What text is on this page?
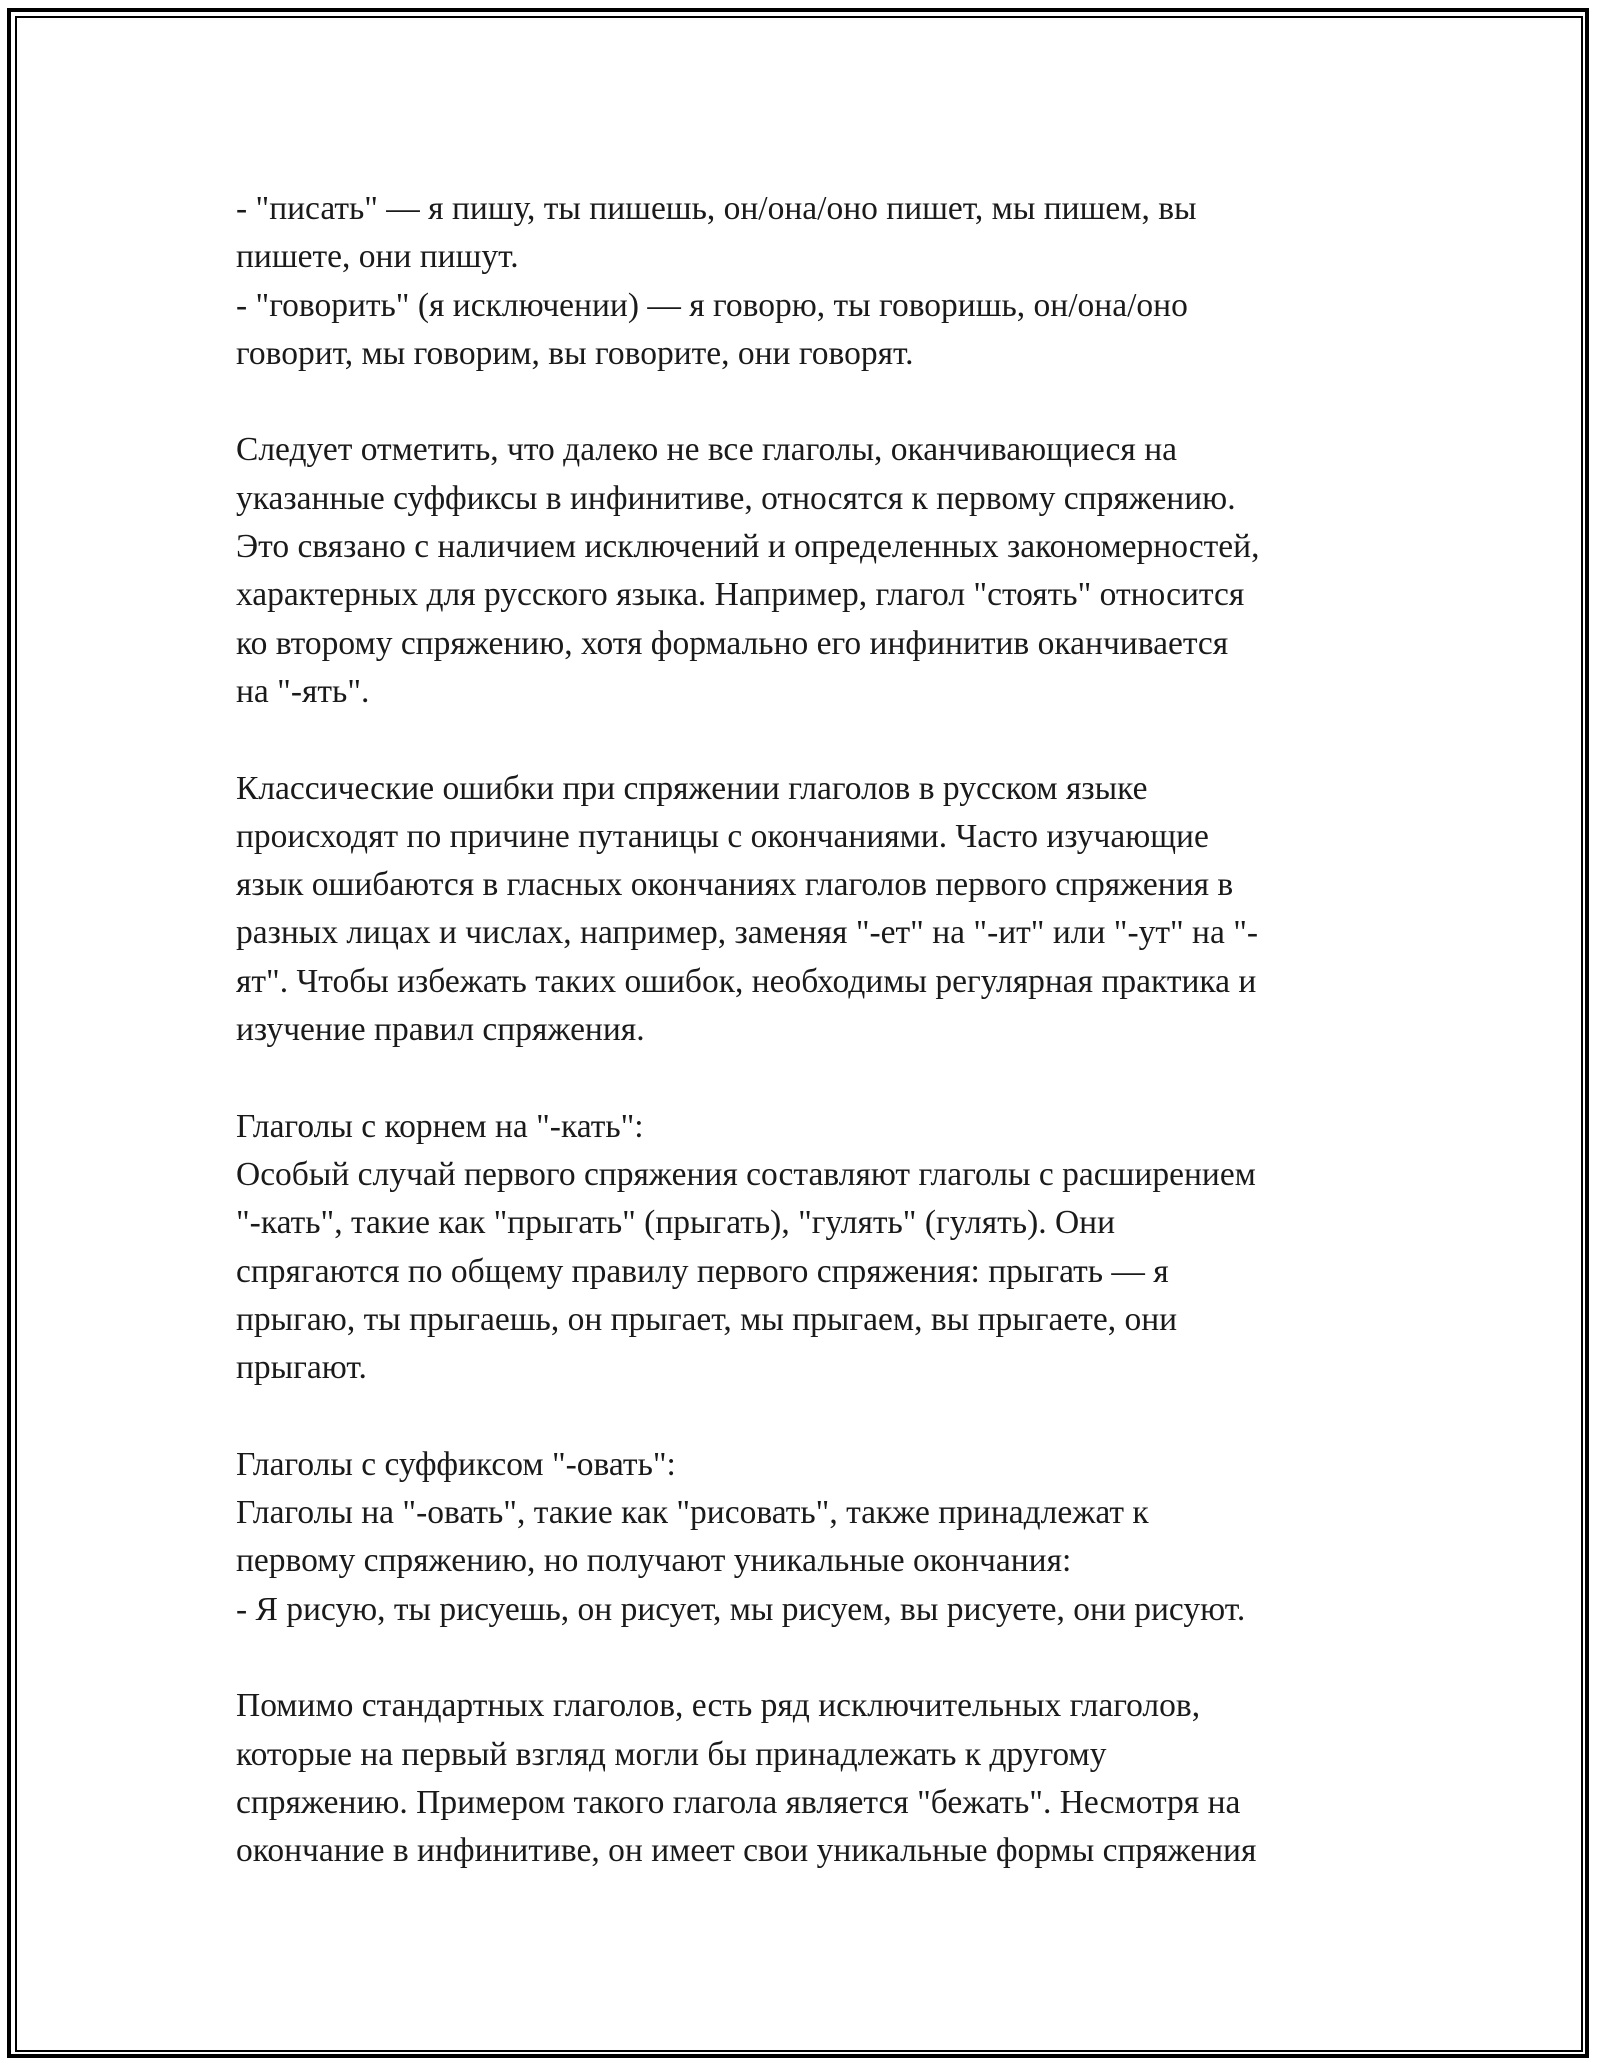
- "писать" — я пишу, ты пишешь, он/она/оно пишет, мы пишем, вы
пишете, они пишут.
- "говорить" (я исключении) — я говорю, ты говоришь, он/она/оно
говорит, мы говорим, вы говорите, они говорят.
Следует отметить, что далеко не все глаголы, оканчивающиеся на
указанные суффиксы в инфинитиве, относятся к первому спряжению.
Это связано с наличием исключений и определенных закономерностей,
характерных для русского языка. Например, глагол "стоять" относится
ко второму спряжению, хотя формально его инфинитив оканчивается
на "-ять".
Классические ошибки при спряжении глаголов в русском языке
происходят по причине путаницы с окончаниями. Часто изучающие
язык ошибаются в гласных окончаниях глаголов первого спряжения в
разных лицах и числах, например, заменяя "-ет" на "-ит" или "-ут" на "-
ят". Чтобы избежать таких ошибок, необходимы регулярная практика и
изучение правил спряжения.
Глаголы с корнем на "-кать":
Особый случай первого спряжения составляют глаголы с расширением
"-кать", такие как "прыгать" (прыгать), "гулять" (гулять). Они
спрягаются по общему правилу первого спряжения: прыгать — я
прыгаю, ты прыгаешь, он прыгает, мы прыгаем, вы прыгаете, они
прыгают.
Глаголы с суффиксом "-овать":
Глаголы на "-овать", такие как "рисовать", также принадлежат к
первому спряжению, но получают уникальные окончания:
- Я рисую, ты рисуешь, он рисует, мы рисуем, вы рисуете, они рисуют.
Помимо стандартных глаголов, есть ряд исключительных глаголов,
которые на первый взгляд могли бы принадлежать к другому
спряжению. Примером такого глагола является "бежать". Несмотря на
окончание в инфинитиве, он имеет свои уникальные формы спряжения
